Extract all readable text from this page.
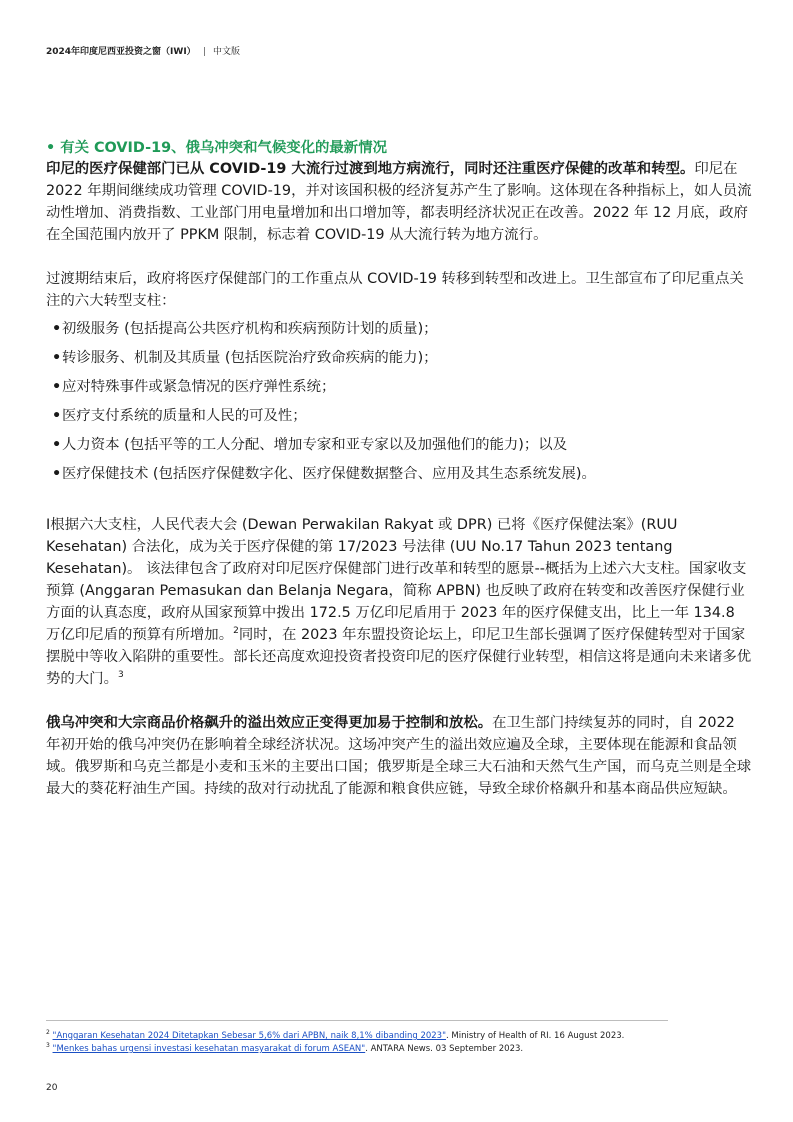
2024年印度尼西亚投资之窗（IWI） | 中文版

• 有关 COVID-19、俄乌冲突和气候变化的最新情况

印尼的医疗保健部门已从 COVID-19 大流行过渡到地方病流行，同时还注重医疗保健的改革和转型。印尼在 2022 年期间继续成功管理 COVID-19，并对该国积极的经济复苏产生了影响。这体现在各种指标上，如人员流动性增加、消费指数、工业部门用电量增加和出口增加等，都表明经济状况正在改善。2022 年 12 月底，政府在全国范围内放开了 PPKM 限制，标志着 COVID-19 从大流行转为地方流行。

过渡期结束后，政府将医疗保健部门的工作重点从 COVID-19 转移到转型和改进上。卫生部宣布了印尼重点关注的六大转型支柱：

• 初级服务 (包括提高公共医疗机构和疾病预防计划的质量)；
• 转诊服务、机制及其质量 (包括医院治疗致命疾病的能力)；
• 应对特殊事件或紧急情况的医疗弹性系统；
• 医疗支付系统的质量和人民的可及性；
• 人力资本 (包括平等的工人分配、增加专家和亚专家以及加强他们的能力)；以及
• 医疗保健技术 (包括医疗保健数字化、医疗保健数据整合、应用及其生态系统发展)。

I根据六大支柱，人民代表大会 (Dewan Perwakilan Rakyat 或 DPR) 已将《医疗保健法案》(RUU Kesehatan) 合法化，成为关于医疗保健的第 17/2023 号法律 (UU No.17 Tahun 2023 tentang Kesehatan)。 该法律包含了政府对印尼医疗保健部门进行改革和转型的愿景--概括为上述六大支柱。国家收支预算 (Anggaran Pemasukan dan Belanja Negara，简称 APBN) 也反映了政府在转变和改善医疗保健行业方面的认真态度，政府从国家预算中拨出 172.5 万亿印尼盾用于 2023 年的医疗保健支出，比上一年 134.8 万亿印尼盾的预算有所增加。$^2$同时，在 2023 年东盟投资论坛上，印尼卫生部长强调了医疗保健转型对于国家摆脱中等收入陷阱的重要性。部长还高度欢迎投资者投资印尼的医疗保健行业转型，相信这将是通向未来诸多优势的大门。$^3$

俄乌冲突和大宗商品价格飙升的溢出效应正变得更加易于控制和放松。在卫生部门持续复苏的同时，自 2022 年初开始的俄乌冲突仍在影响着全球经济状况。这场冲突产生的溢出效应遍及全球，主要体现在能源和食品领域。俄罗斯和乌克兰都是小麦和玉米的主要出口国；俄罗斯是全球三大石油和天然气生产国，而乌克兰则是全球最大的葵花籽油生产国。持续的敌对行动扰乱了能源和粮食供应链，导致全球价格飙升和基本商品供应短缺。

$^2$ "Anggaran Kesehatan 2024 Ditetapkan Sebesar 5,6% dari APBN, naik 8,1% dibanding 2023". Ministry of Health of RI. 16 August 2023.
$^3$ "Menkes bahas urgensi investasi kesehatan masyarakat di forum ASEAN". ANTARA News. 03 September 2023.
20
